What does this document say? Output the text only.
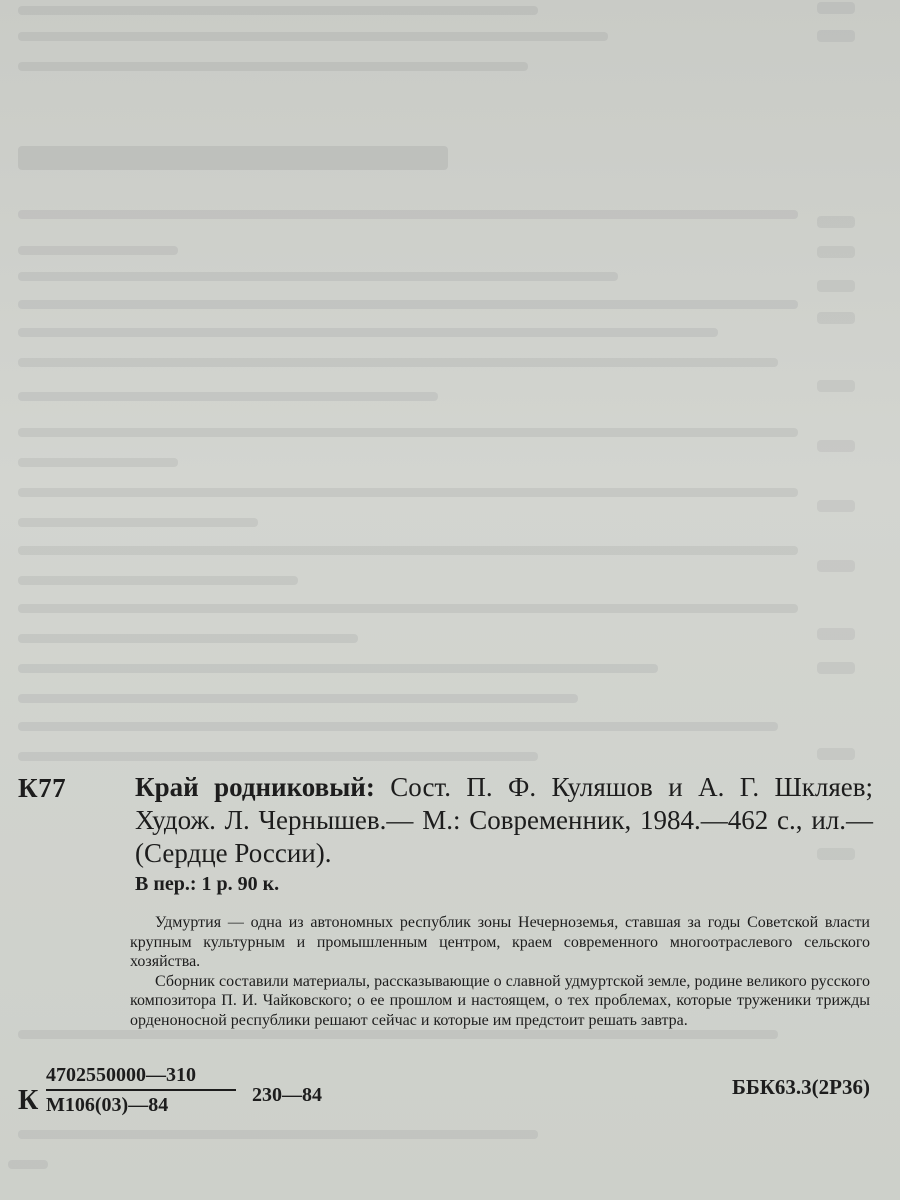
К77	Край родниковый: Сост. П. Ф. Куляшов и А. Г. Шкляев; Худож. Л. Чернышев.— М.: Современник, 1984.—462 с., ил.— (Сердце России).
В пер.: 1 р. 90 к.

Удмуртия — одна из автономных республик зоны Нечерноземья, ставшая за годы Советской власти крупным культурным и промышленным центром, краем современного многоотраслевого сельского хозяйства.

Сборник составили материалы, рассказывающие о славной удмуртской земле, родине великого русского композитора П. И. Чайковского; о ее прошлом и настоящем, о тех проблемах, которые труженики трижды орденоносной республики решают сейчас и которые им предстоит решать завтра.

К
4702550000—310
М106(03)—84	230—84	ББК63.3(2Р36)
